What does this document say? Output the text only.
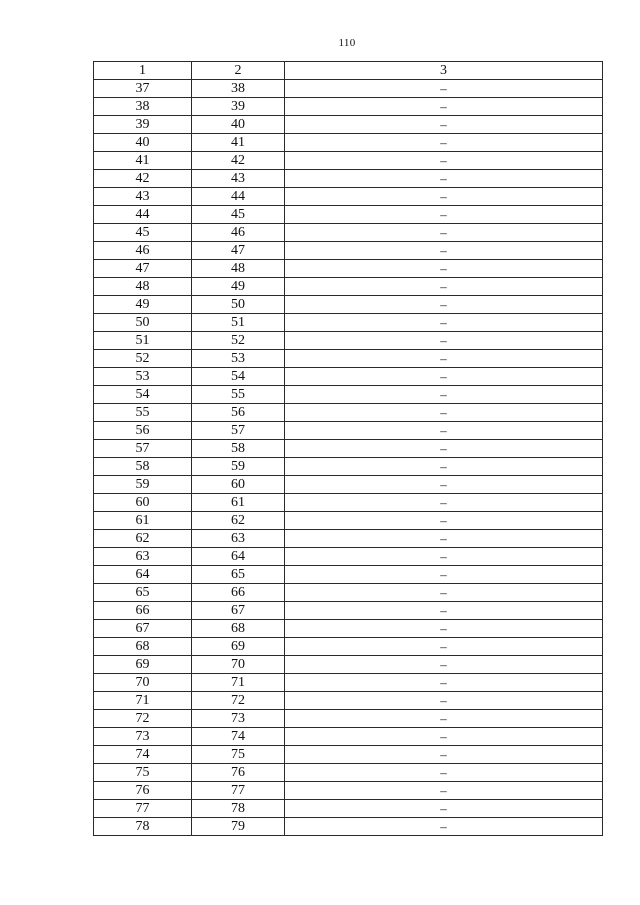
110
1	2	3
37	38	–
38	39	–
39	40	–
40	41	–
41	42	–
42	43	–
43	44	–
44	45	–
45	46	–
46	47	–
47	48	–
48	49	–
49	50	–
50	51	–
51	52	–
52	53	–
53	54	–
54	55	–
55	56	–
56	57	–
57	58	–
58	59	–
59	60	–
60	61	–
61	62	–
62	63	–
63	64	–
64	65	–
65	66	–
66	67	–
67	68	–
68	69	–
69	70	–
70	71	–
71	72	–
72	73	–
73	74	–
74	75	–
75	76	–
76	77	–
77	78	–
78	79	–
